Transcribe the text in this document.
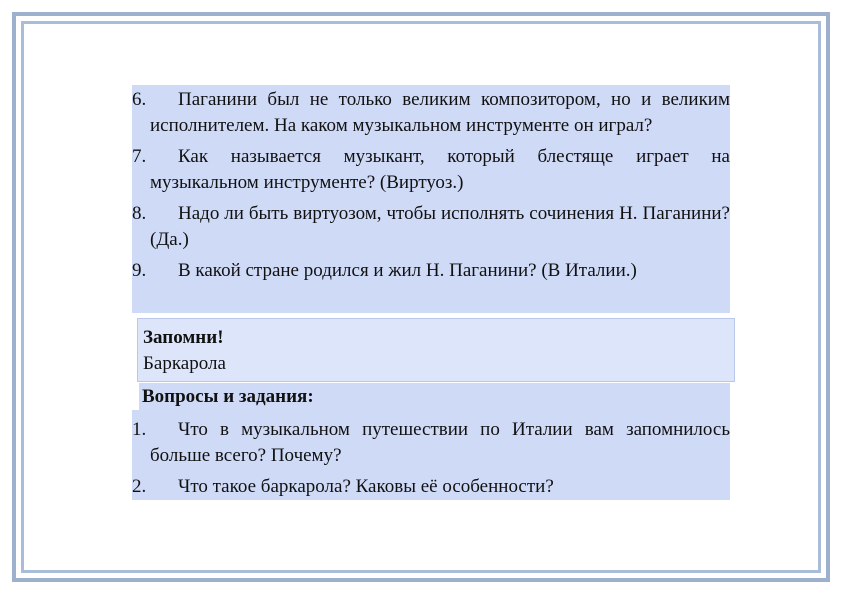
6. Паганини был не только великим композитором, но и великим исполнителем. На каком музыкальном инструменте он играл?
7. Как называется музыкант, который блестяще играет на музыкальном инструменте? (Виртуоз.)
8. Надо ли быть виртуозом, чтобы исполнять сочинения Н. Паганини? (Да.)
9. В какой стране родился и жил Н. Паганини? (В Италии.)
Запомни!
Баркарола
1. Что в музыкальном путешествии по Италии вам запомнилось больше всего? Почему?
2. Что такое баркарола? Каковы её особенности?
Вопросы и задания:
